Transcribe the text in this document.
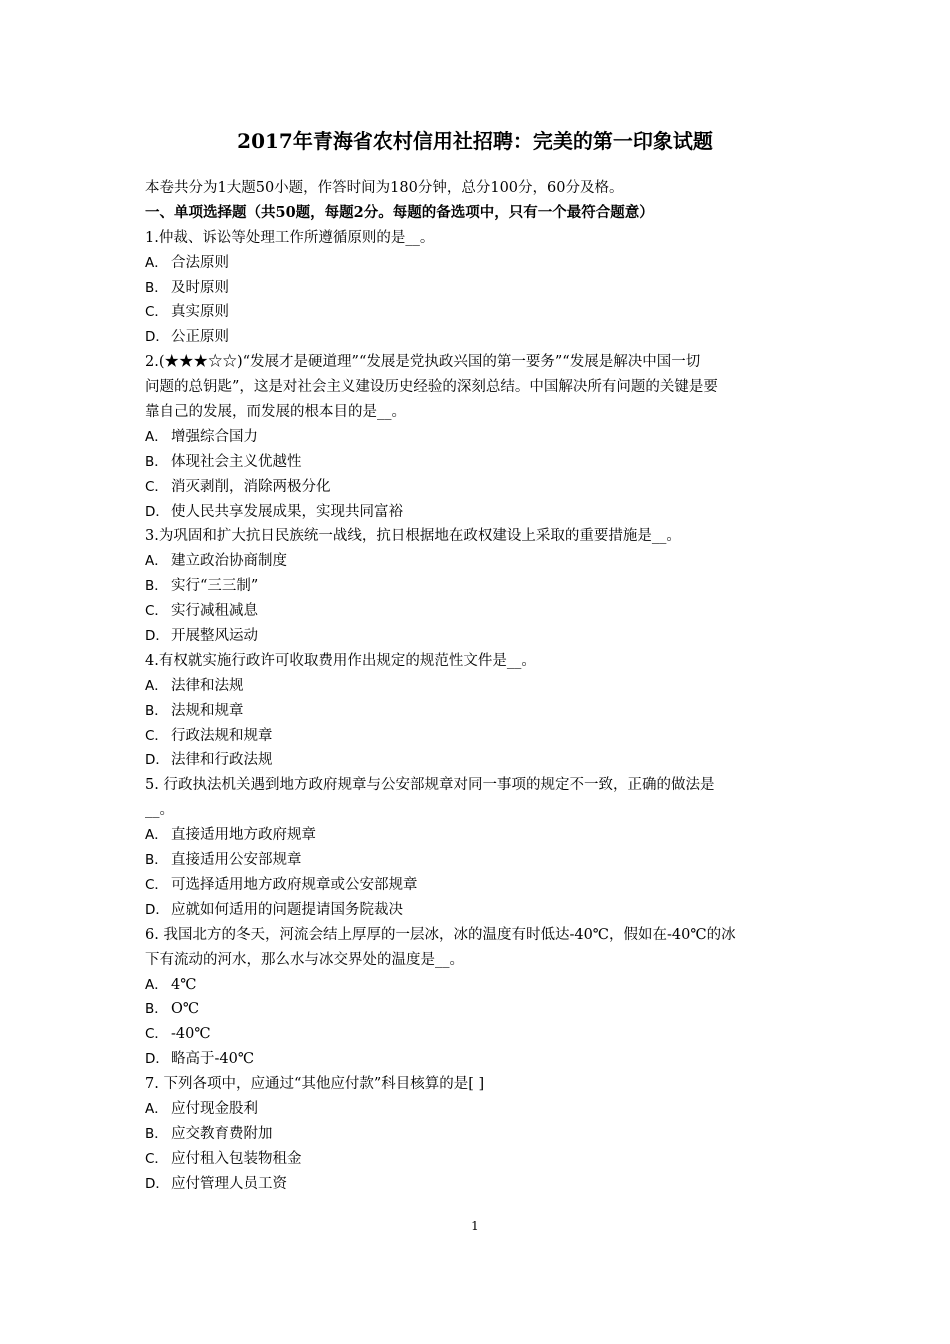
2017年青海省农村信用社招聘：完美的第一印象试题
本卷共分为1大题50小题，作答时间为180分钟，总分100分，60分及格。
一、单项选择题（共50题，每题2分。每题的备选项中，只有一个最符合题意）
1.仲裁、诉讼等处理工作所遵循原则的是__。
A． 合法原则
B． 及时原则
C． 真实原则
D． 公正原则
2.(★★★☆☆)“发展才是硬道理”“发展是党执政兴国的第一要务”“发展是解决中国一切
问题的总钥匙”，这是对社会主义建设历史经验的深刻总结。中国解决所有问题的关键是要
靠自己的发展，而发展的根本目的是__。
A． 增强综合国力
B． 体现社会主义优越性
C． 消灭剥削，消除两极分化
D． 使人民共享发展成果，实现共同富裕
3.为巩固和扩大抗日民族统一战线，抗日根据地在政权建设上采取的重要措施是__。
A． 建立政治协商制度
B． 实行“三三制”
C． 实行减租减息
D． 开展整风运动
4.有权就实施行政许可收取费用作出规定的规范性文件是__。
A． 法律和法规
B． 法规和规章
C． 行政法规和规章
D． 法律和行政法规
5. 行政执法机关遇到地方政府规章与公安部规章对同一事项的规定不一致，正确的做法是
__。
A． 直接适用地方政府规章
B． 直接适用公安部规章
C． 可选择适用地方政府规章或公安部规章
D． 应就如何适用的问题提请国务院裁决
6. 我国北方的冬天，河流会结上厚厚的一层冰，冰的温度有时低达-40℃，假如在-40℃的冰
下有流动的河水，那么水与冰交界处的温度是__。
A． 4℃
B． O℃
C． -40℃
D． 略高于-40℃
7. 下列各项中，应通过“其他应付款”科目核算的是[ ]
A． 应付现金股利
B． 应交教育费附加
C． 应付租入包装物租金
D． 应付管理人员工资
1
